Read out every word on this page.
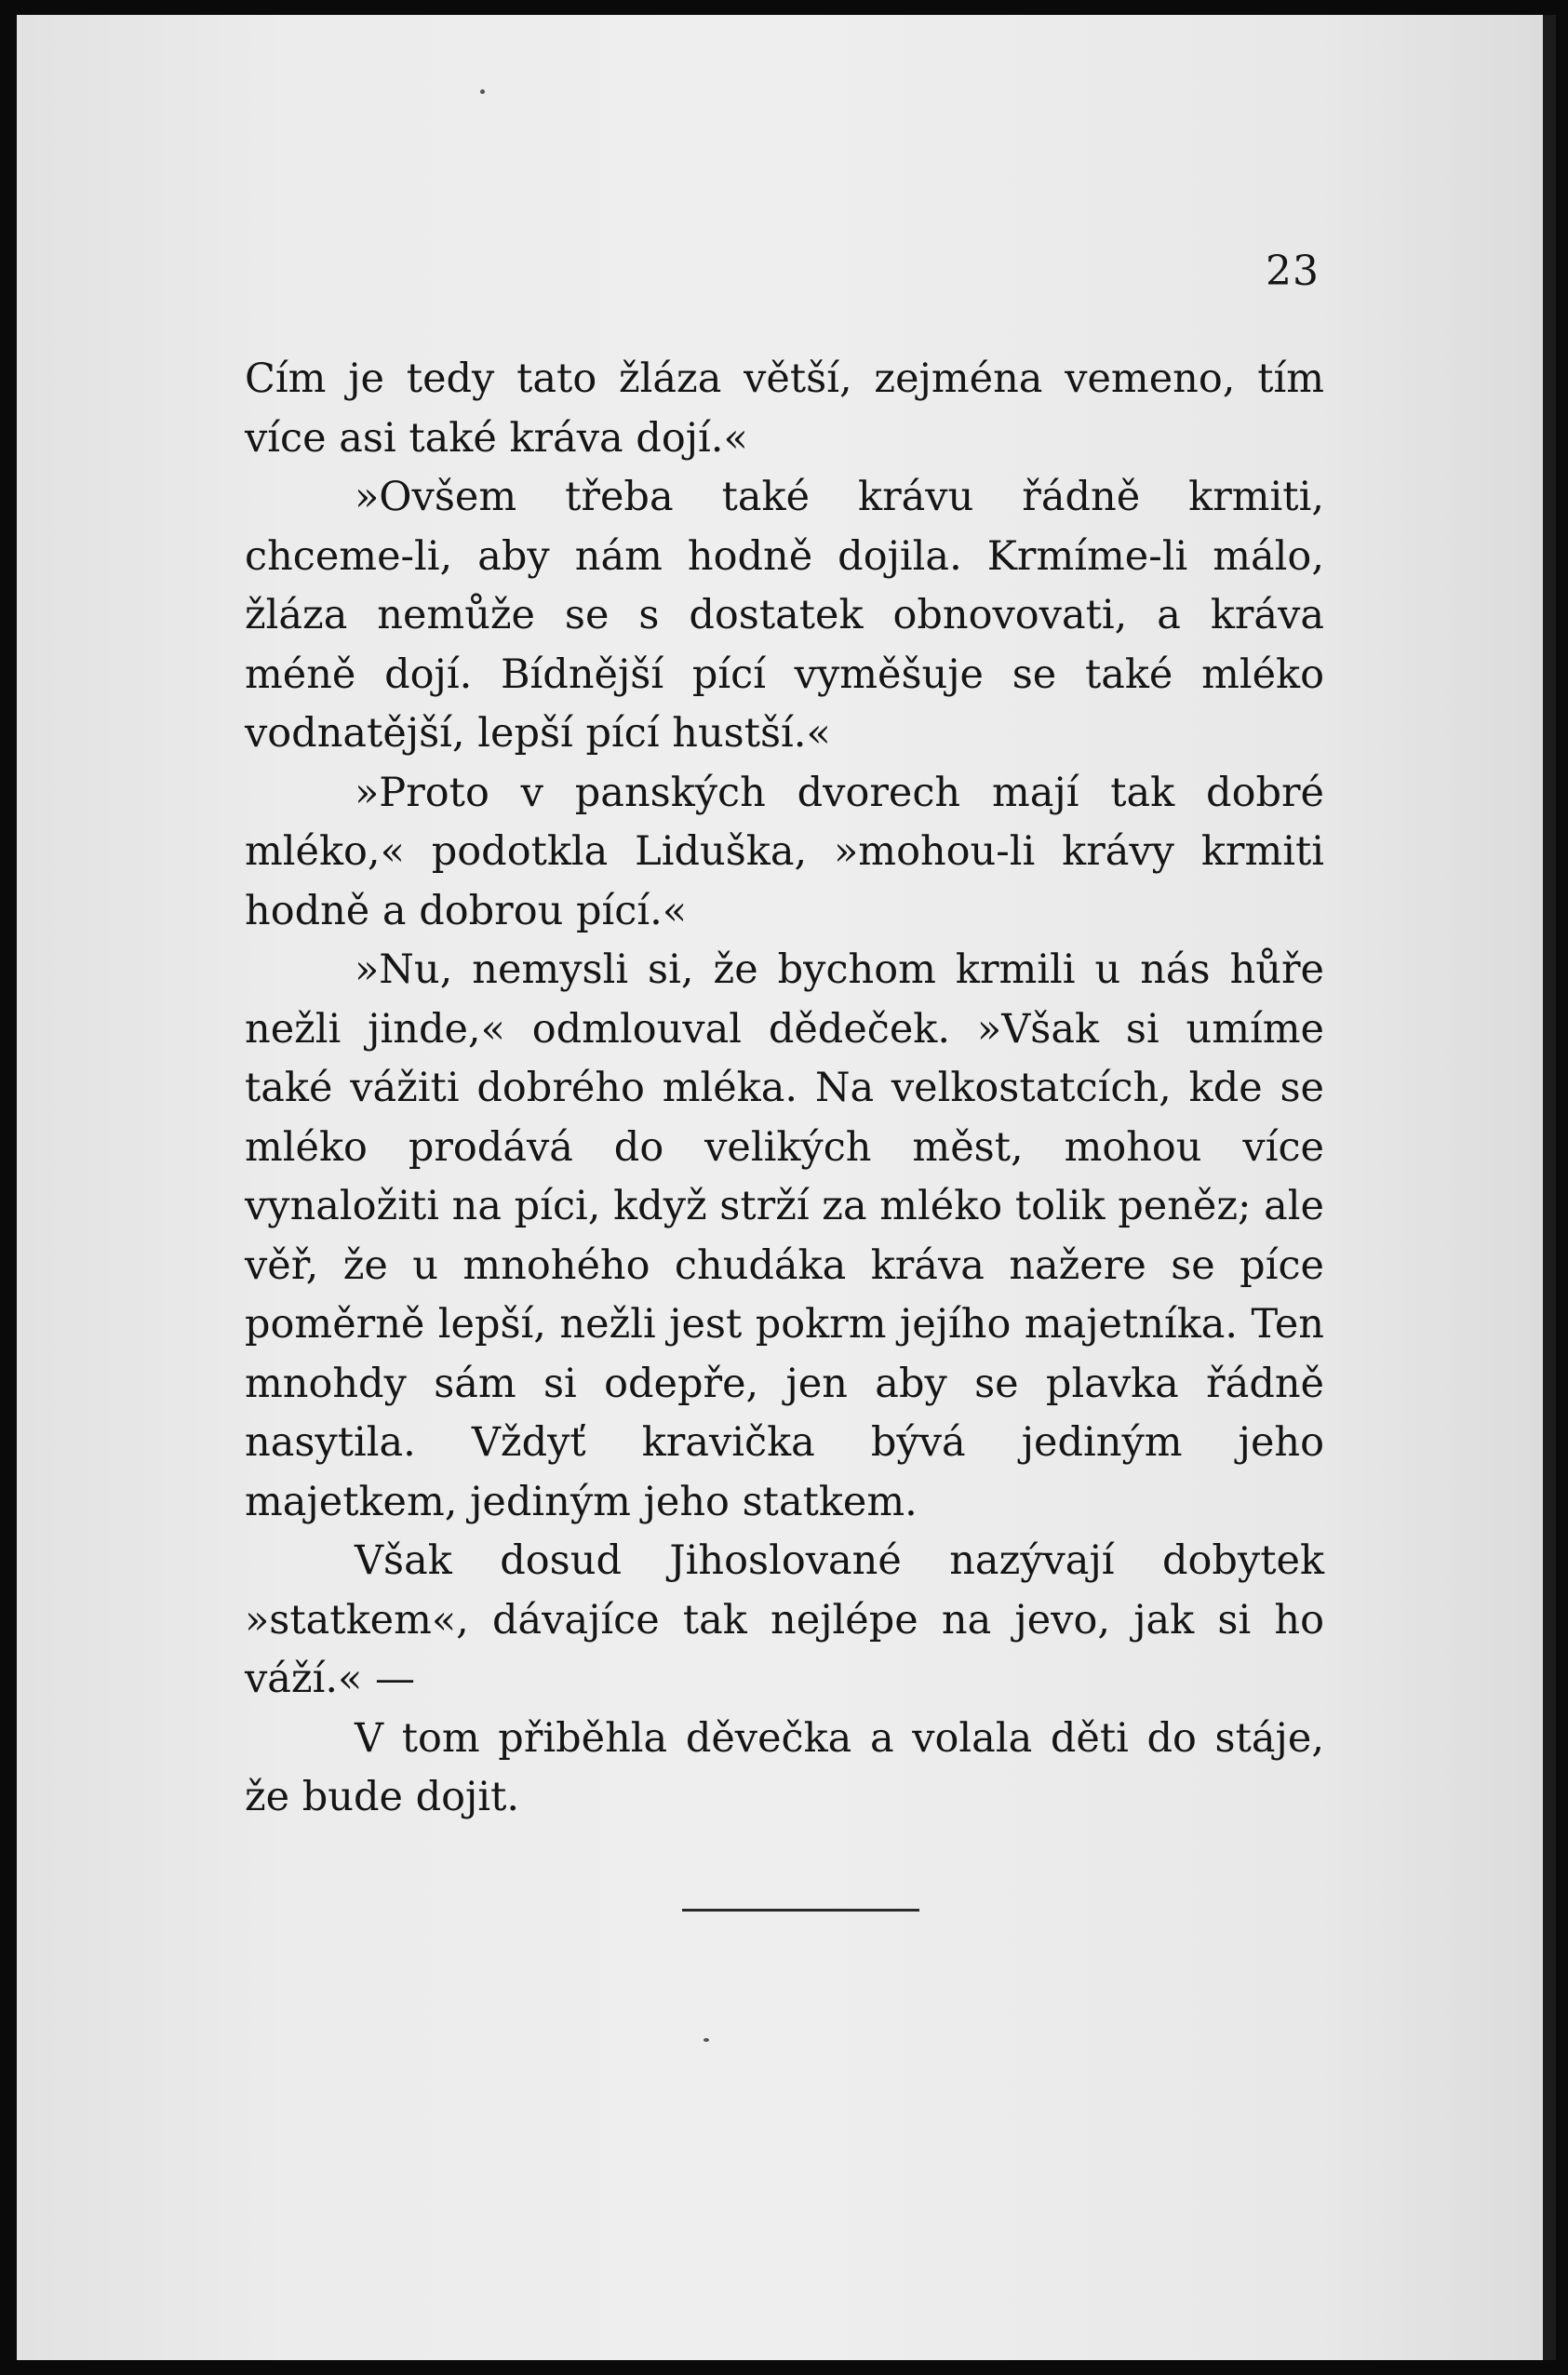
23

Cím je tedy tato žláza větší, zejména vemeno, tím více asi také kráva dojí.«

»Ovšem třeba také krávu řádně krmiti, chceme-li, aby nám hodně dojila. Krmíme-li málo, žláza nemůže se s dostatek obnovovati, a kráva méně dojí. Bídnější pící vyměšuje se také mléko vodnatější, lepší pící hustší.«

»Proto v panských dvorech mají tak dobré mléko,« podotkla Liduška, »mohou-li krávy krmiti hodně a dobrou pící.«

»Nu, nemysli si, že bychom krmili u nás hůře nežli jinde,« odmlouval dědeček. »Však si umíme také vážiti dobrého mléka. Na velkostatcích, kde se mléko prodává do velikých měst, mohou více vynaložiti na píci, když strží za mléko tolik peněz; ale věř, že u mnohého chudáka kráva nažere se píce poměrně lepší, nežli jest pokrm jejího majetníka. Ten mnohdy sám si odepře, jen aby se plavka řádně nasytila. Vždyť kravička bývá jediným jeho majetkem, jediným jeho statkem.

Však dosud Jihoslované nazývají dobytek »statkem«, dávajíce tak nejlépe na jevo, jak si ho váží.« —

V tom přiběhla děvečka a volala děti do stáje, že bude dojit.
